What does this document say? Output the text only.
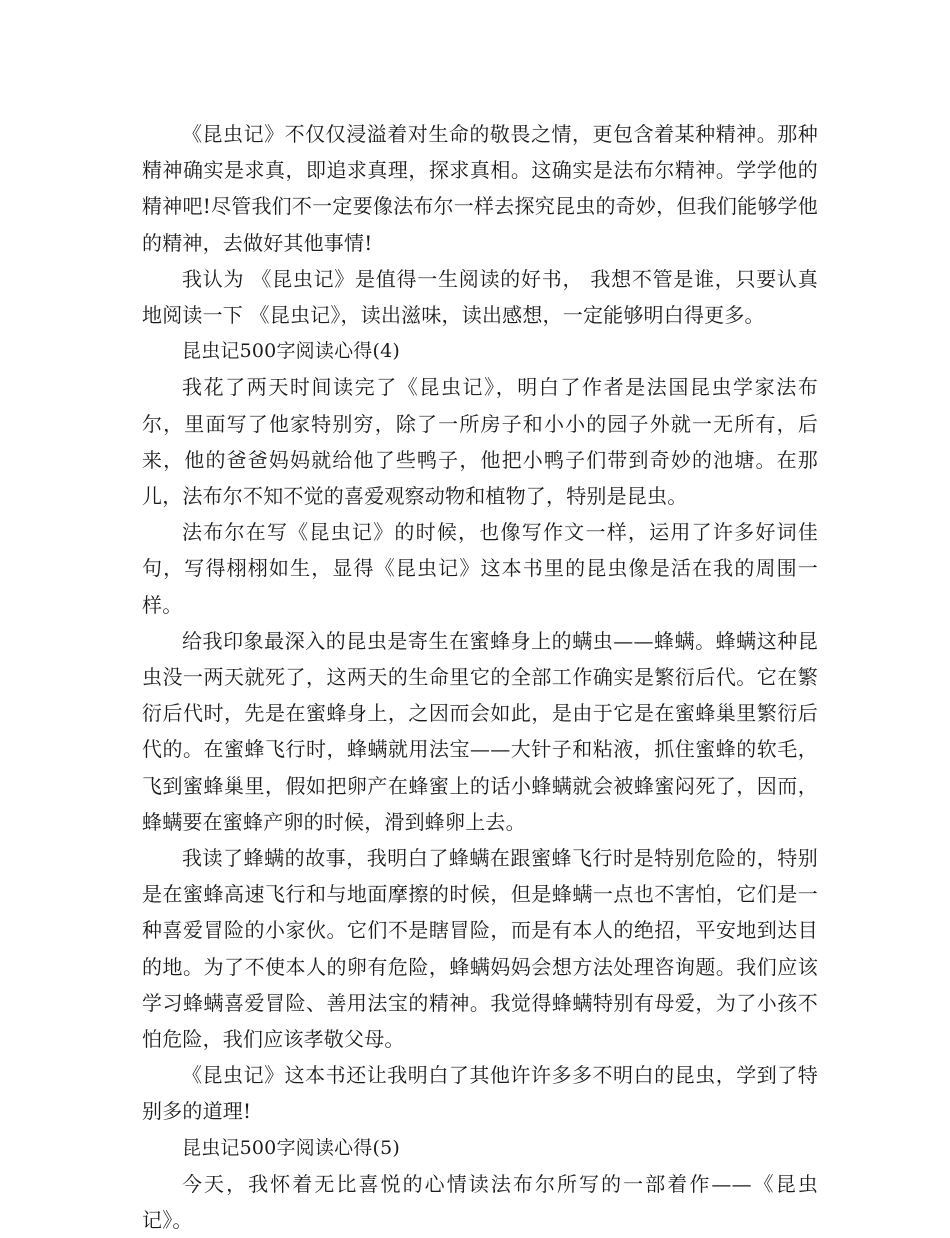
《昆虫记》不仅仅浸溢着对生命的敬畏之情，更包含着某种精神。那种精神确实是求真，即追求真理，探求真相。这确实是法布尔精神。学学他的精神吧!尽管我们不一定要像法布尔一样去探究昆虫的奇妙，但我们能够学他的精神，去做好其他事情!

我认为 《昆虫记》是值得一生阅读的好书， 我想不管是谁，只要认真地阅读一下 《昆虫记》，读出滋味，读出感想，一定能够明白得更多。

昆虫记500字阅读心得(4)

我花了两天时间读完了《昆虫记》，明白了作者是法国昆虫学家法布尔，里面写了他家特别穷，除了一所房子和小小的园子外就一无所有，后来，他的爸爸妈妈就给他了些鸭子，他把小鸭子们带到奇妙的池塘。在那儿，法布尔不知不觉的喜爱观察动物和植物了，特别是昆虫。

法布尔在写《昆虫记》的时候，也像写作文一样，运用了许多好词佳句，写得栩栩如生，显得《昆虫记》这本书里的昆虫像是活在我的周围一样。

给我印象最深入的昆虫是寄生在蜜蜂身上的螨虫——蜂螨。蜂螨这种昆虫没一两天就死了，这两天的生命里它的全部工作确实是繁衍后代。它在繁衍后代时，先是在蜜蜂身上，之因而会如此，是由于它是在蜜蜂巢里繁衍后代的。在蜜蜂飞行时，蜂螨就用法宝——大针子和粘液，抓住蜜蜂的软毛，飞到蜜蜂巢里，假如把卵产在蜂蜜上的话小蜂螨就会被蜂蜜闷死了，因而，蜂螨要在蜜蜂产卵的时候，滑到蜂卵上去。

我读了蜂螨的故事，我明白了蜂螨在跟蜜蜂飞行时是特别危险的，特别是在蜜蜂高速飞行和与地面摩擦的时候，但是蜂螨一点也不害怕，它们是一种喜爱冒险的小家伙。它们不是瞎冒险，而是有本人的绝招，平安地到达目的地。为了不使本人的卵有危险，蜂螨妈妈会想方法处理咨询题。我们应该学习蜂螨喜爱冒险、善用法宝的精神。我觉得蜂螨特别有母爱，为了小孩不怕危险，我们应该孝敬父母。

《昆虫记》这本书还让我明白了其他许许多多不明白的昆虫，学到了特别多的道理!

昆虫记500字阅读心得(5)

今天，我怀着无比喜悦的心情读法布尔所写的一部着作——《昆虫记》。
